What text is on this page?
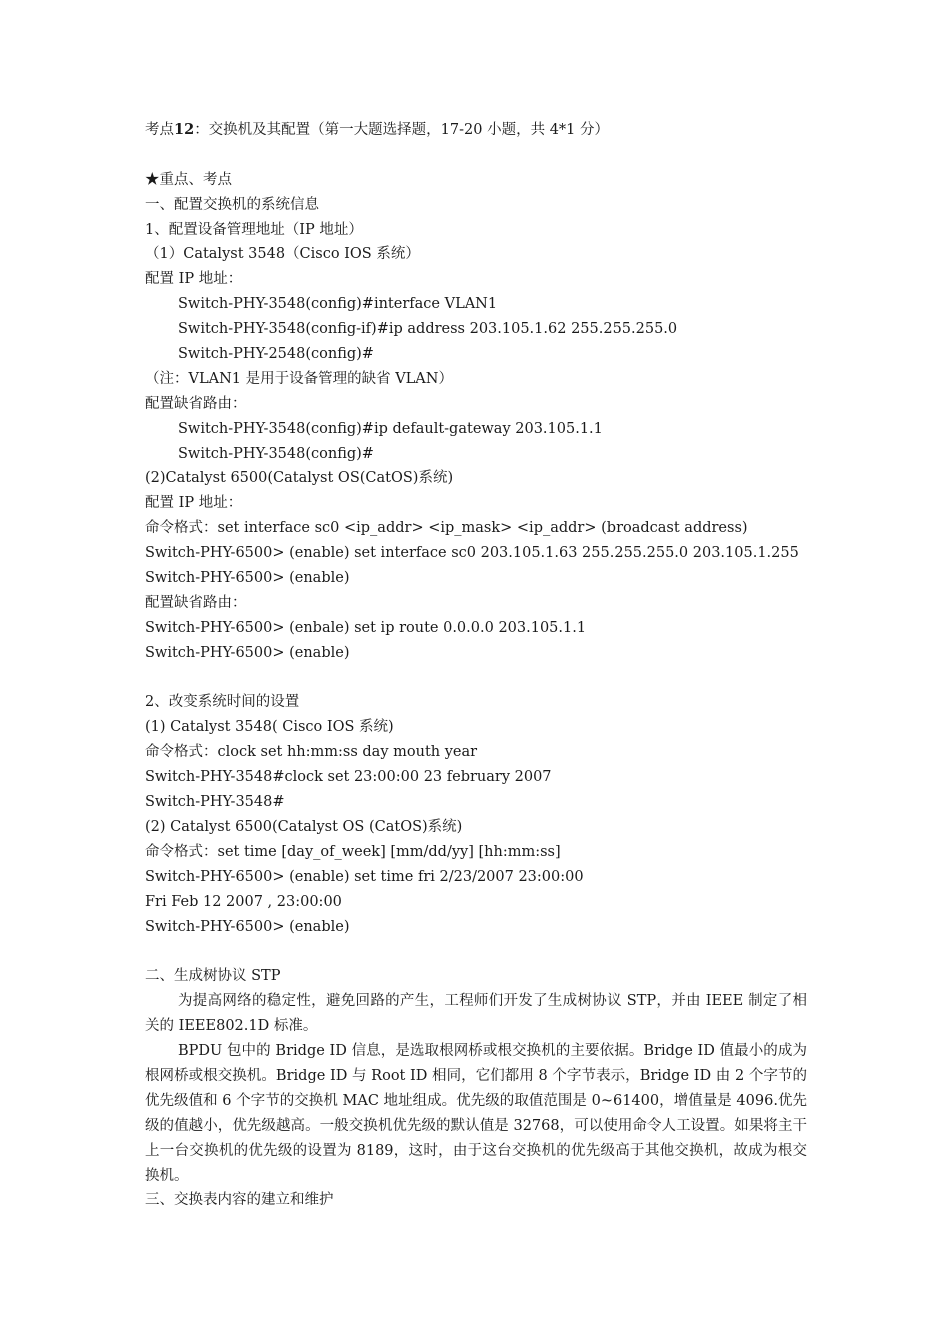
考点12：交换机及其配置（第一大题选择题，17-20 小题，共 4*1 分）
★重点、考点
一、配置交换机的系统信息
1、配置设备管理地址（IP 地址）
（1）Catalyst 3548（Cisco IOS 系统）
配置 IP 地址：
Switch-PHY-3548(config)#interface VLAN1
Switch-PHY-3548(config-if)#ip address 203.105.1.62 255.255.255.0
Switch-PHY-2548(config)#
（注：VLAN1 是用于设备管理的缺省 VLAN）
配置缺省路由：
Switch-PHY-3548(config)#ip default-gateway 203.105.1.1
Switch-PHY-3548(config)#
(2)Catalyst 6500(Catalyst OS(CatOS)系统)
配置 IP 地址：
命令格式：set interface sc0 <ip_addr> <ip_mask> <ip_addr> (broadcast address)
Switch-PHY-6500> (enable) set interface sc0 203.105.1.63 255.255.255.0 203.105.1.255
Switch-PHY-6500> (enable)
配置缺省路由：
Switch-PHY-6500> (enbale) set ip route 0.0.0.0 203.105.1.1
Switch-PHY-6500> (enable)
2、改变系统时间的设置
(1) Catalyst 3548( Cisco IOS 系统)
命令格式：clock set hh:mm:ss day mouth year
Switch-PHY-3548#clock set 23:00:00 23 february 2007
Switch-PHY-3548#
(2) Catalyst 6500(Catalyst OS (CatOS)系统)
命令格式：set time [day_of_week] [mm/dd/yy] [hh:mm:ss]
Switch-PHY-6500> (enable) set time fri 2/23/2007 23:00:00
Fri Feb 12 2007 , 23:00:00
Switch-PHY-6500> (enable)
二、生成树协议 STP

为提高网络的稳定性，避免回路的产生，工程师们开发了生成树协议 STP，并由 IEEE 制定了相关的 IEEE802.1D 标准。

BPDU 包中的 Bridge ID 信息，是选取根网桥或根交换机的主要依据。Bridge ID 值最小的成为根网桥或根交换机。Bridge ID 与 Root ID 相同，它们都用 8 个字节表示，Bridge ID 由 2 个字节的优先级值和 6 个字节的交换机 MAC 地址组成。优先级的取值范围是 0~61400，增值量是 4096.优先级的值越小，优先级越高。一般交换机优先级的默认值是 32768，可以使用命令人工设置。如果将主干上一台交换机的优先级的设置为 8189，这时，由于这台交换机的优先级高于其他交换机，故成为根交换机。

三、交换表内容的建立和维护
